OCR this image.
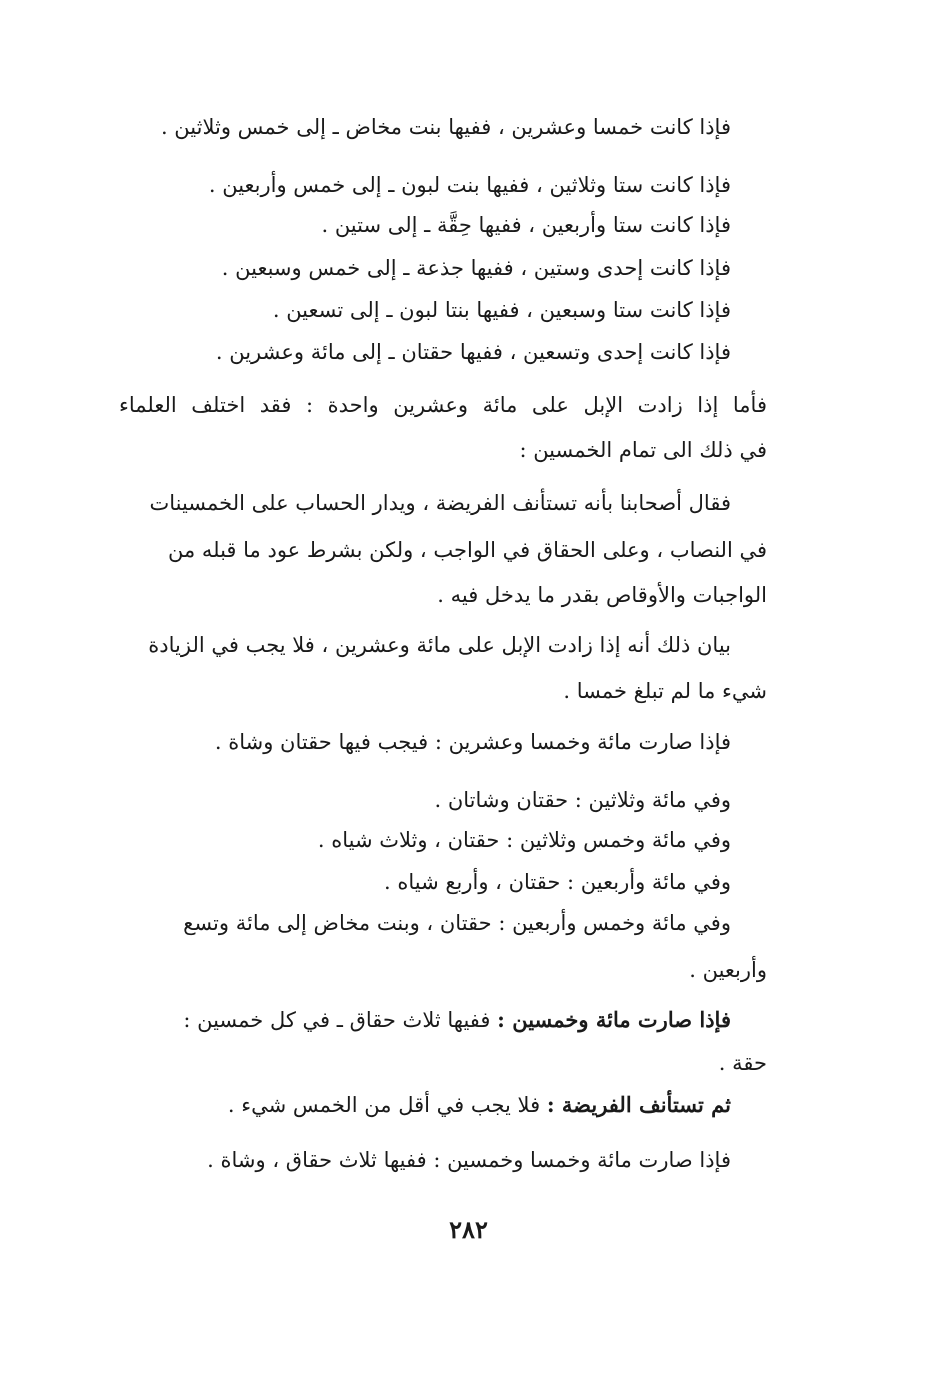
فإذا كانت خمسا وعشرين ، ففيها بنت مخاض ـ إلى خمس وثلاثين .
فإذا كانت ستا وثلاثين ، ففيها بنت لبون ـ إلى خمس وأربعين .
فإذا كانت ستا وأربعين ، ففيها حِقَّة ـ إلى ستين .
فإذا كانت إحدى وستين ، ففيها جذعة ـ إلى خمس وسبعين .
فإذا كانت ستا وسبعين ، ففيها بنتا لبون ـ إلى تسعين .
فإذا كانت إحدى وتسعين ، ففيها حقتان ـ إلى مائة وعشرين .
فأما إذا زادت الإبل على مائة وعشرين واحدة : فقد اختلف العلماء
في ذلك الى تمام الخمسين :
فقال أصحابنا بأنه تستأنف الفريضة ، ويدار الحساب على الخمسينات
في النصاب ، وعلى الحقاق في الواجب ، ولكن بشرط عود ما قبله من
الواجبات والأوقاص بقدر ما يدخل فيه .
بيان ذلك أنه إذا زادت الإبل على مائة وعشرين ، فلا يجب في الزيادة
شيء ما لم تبلغ خمسا .
فإذا صارت مائة وخمسا وعشرين : فيجب فيها حقتان وشاة .
وفي مائة وثلاثين : حقتان وشاتان .
وفي مائة وخمس وثلاثين : حقتان ، وثلاث شياه .
وفي مائة وأربعين : حقتان ، وأربع شياه .
وفي مائة وخمس وأربعين : حقتان ، وبنت مخاض إلى مائة وتسع
وأربعين .
فإذا صارت مائة وخمسين : ففيها ثلاث حقاق ـ في كل خمسين :
حقة .
ثم تستأنف الفريضة : فلا يجب في أقل من الخمس شيء .
فإذا صارت مائة وخمسا وخمسين : ففيها ثلاث حقاق ، وشاة .
٢٨٢
